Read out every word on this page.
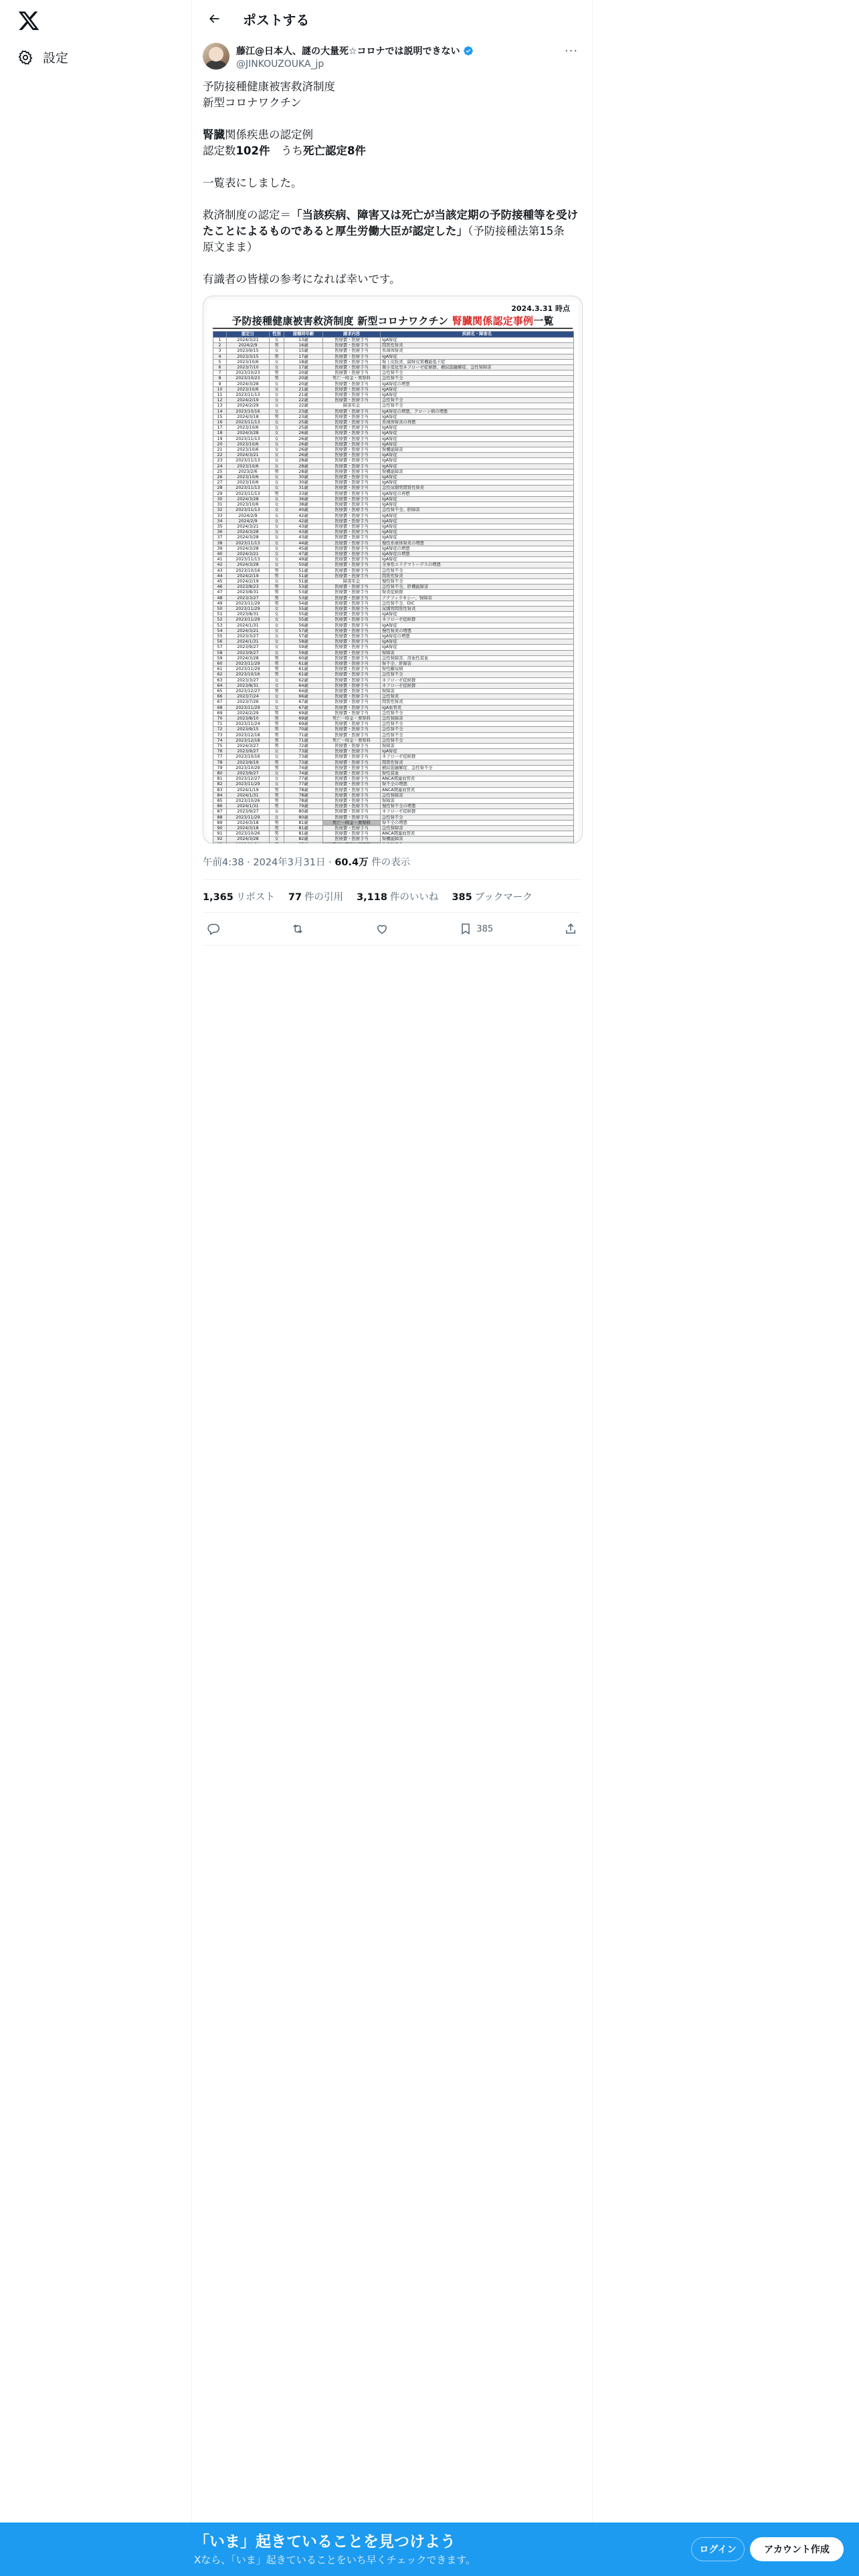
設定
ポストする
藤江@日本人、謎の大量死☆コロナでは説明できない
@JINKOUZOUKA_jp
···

予防接種健康被害救済制度

新型コロナワクチン

腎臓関係疾患の認定例

認定数102件　うち死亡認定8件

一覧表にしました。

救済制度の認定＝「当該疾病、障害又は死亡が当該定期の予防接種等を受けたことによるものであると厚生労働大臣が認定した」（予防接種法第15条　原文まま）

有識者の皆様の参考になれば幸いです。

2024.3.31 時点
予防接種健康被害救済制度 新型コロナワクチン 腎臓関係認定事例一覧
	認定日	性別	接種時年齢	請求内容	疾病名・障害名
1	2024/3/21	女	13歳	医療費・医療手当	IgA腎症
2	2024/2/9	男	16歳	医療費・医療手当	間質性腎炎
3	2023/9/15	女	15歳	医療費・医療手当	糸球体腎炎
4	2023/3/15	男	17歳	医療費・医療手当	IgA腎症
5	2023/10/6	女	18歳	医療費・医療手当	腎上皮肢炎、副腎皮質機能低下症
6	2023/7/10	女	17歳	医療費・医療手当	微小変化型ネフローゼ症候群、横紋筋融解症、急性腎障害
7	2023/10/23	男	20歳	医療費・医療手当	急性腎不全
8	2023/10/23	男	20歳	死亡一時金・葬祭料	急性腎不全
9	2024/3/28	女	20歳	医療費・医療手当	IgA腎症の増悪
10	2023/10/6	女	21歳	医療費・医療手当	IgA腎症
11	2023/11/13	女	21歳	医療費・医療手当	IgA腎症
12	2024/2/19	女	22歳	医療費・医療手当	急性腎不全
13	2024/2/29	女	22歳	障害年金	急性腎不全
14	2023/10/16	女	23歳	医療費・医療手当	IgA腎症の増悪、クローン病の増悪
15	2024/3/18	男	23歳	医療費・医療手当	IgA腎症
16	2023/11/13	女	25歳	医療費・医療手当	糸球体腎炎の再燃
17	2023/10/6	女	25歳	医療費・医療手当	IgA腎症
18	2024/3/28	女	26歳	医療費・医療手当	IgA腎症
19	2023/11/13	女	26歳	医療費・医療手当	IgA腎症
20	2023/10/6	女	26歳	医療費・医療手当	IgA腎症
21	2023/10/6	女	26歳	医療費・医療手当	腎機能障害
22	2024/3/21	女	26歳	医療費・医療手当	IgA腎症
23	2023/11/13	女	28歳	医療費・医療手当	IgA腎症
24	2023/10/6	女	28歳	医療費・医療手当	IgA腎症
25	2023/2/6	男	28歳	医療費・医療手当	腎機能障害
26	2023/10/6	女	30歳	医療費・医療手当	IgA腎症
27	2023/10/6	女	30歳	医療費・医療手当	IgA腎症
28	2023/11/13	女	31歳	医療費・医療手当	急性尿細管間質性腎炎
29	2023/11/13	男	33歳	医療費・医療手当	IgA腎症の再燃
30	2024/3/28	女	36歳	医療費・医療手当	IgA腎症
31	2023/10/6	女	38歳	医療費・医療手当	IgA腎症
32	2023/11/13	女	40歳	医療費・医療手当	急性腎不全、肝障害
33	2024/2/9	女	42歳	医療費・医療手当	IgA腎症
34	2024/2/9	女	42歳	医療費・医療手当	IgA腎症
35	2024/3/21	女	43歳	医療費・医療手当	IgA腎症
36	2024/3/28	女	43歳	医療費・医療手当	IgA腎症
37	2024/3/28	女	43歳	医療費・医療手当	IgA腎症
38	2023/11/13	女	44歳	医療費・医療手当	慢性糸球体腎炎の増悪
39	2024/3/28	女	45歳	医療費・医療手当	IgA腎症の増悪
40	2024/3/21	女	47歳	医療費・医療手当	IgA腎症の増悪
41	2023/11/13	女	49歳	医療費・医療手当	IgA腎症
42	2024/3/28	女	50歳	医療費・医療手当	全身性エリテマトーデスの増悪
43	2023/10/16	男	51歳	医療費・医療手当	急性腎不全
44	2024/2/19	男	51歳	医療費・医療手当	間質性腎炎
45	2024/2/19	女	51歳	障害年金	慢性腎不全
46	2023/8/23	男	53歳	医療費・医療手当	急性腎不全、肝機能障害
47	2023/8/31	男	53歳	医療費・医療手当	腎炎症候群
48	2023/3/27	男	53歳	医療費・医療手当	アナフィラキシー、腎障害
49	2023/11/29	男	54歳	医療費・医療手当	急性腎不全、DIC
50	2023/11/29	女	55歳	医療費・医療手当	尿細管間質性腎炎
51	2023/8/31	女	55歳	医療費・医療手当	IgA腎症
52	2023/11/29	女	55歳	医療費・医療手当	ネフローゼ症候群
53	2024/1/31	女	56歳	医療費・医療手当	IgA腎症
54	2024/3/21	女	57歳	医療費・医療手当	慢性腎炎の増悪
55	2023/3/27	女	57歳	医療費・医療手当	IgA腎症の増悪
56	2024/1/31	女	58歳	医療費・医療手当	IgA腎症
57	2023/9/27	女	59歳	医療費・医療手当	IgA腎症
58	2023/9/27	女	59歳	医療費・医療手当	腎障害
59	2024/3/28	男	60歳	医療費・医療手当	急性腎障害、溶血性貧血
60	2023/11/29	男	61歳	医療費・医療手当	腎不全、肝障害
61	2023/11/29	男	61歳	医療費・医療手当	腎性糖尿病
62	2023/10/16	男	61歳	医療費・医療手当	急性腎不全
63	2023/3/27	女	62歳	医療費・医療手当	ネフローゼ症候群
64	2023/8/31	女	64歳	医療費・医療手当	ネフローゼ症候群
65	2023/12/27	男	64歳	医療費・医療手当	腎障害
66	2023/7/24	女	66歳	医療費・医療手当	急性腎炎
67	2023/7/26	女	67歳	医療費・医療手当	間質性腎炎
68	2023/11/29	女	67歳	医療費・医療手当	IgA血管炎
69	2024/2/29	男	69歳	医療費・医療手当	急性腎不全
70	2023/8/10	男	69歳	死亡一時金・葬祭料	急性腎障害
71	2023/11/24	男	69歳	医療費・医療手当	急性腎不全
72	2023/9/15	男	70歳	医療費・医療手当	急性腎不全
73	2023/12/18	男	71歳	医療費・医療手当	急性腎不全
74	2023/12/18	男	71歳	死亡一時金・葬祭料	急性腎不全
75	2024/3/27	男	72歳	医療費・医療手当	腎障害
76	2023/9/27	女	73歳	医療費・医療手当	IgA腎症
77	2023/10/16	女	73歳	医療費・医療手当	ネフローゼ症候群
78	2023/9/19	男	73歳	医療費・医療手当	間質性腎炎
79	2023/10/29	男	74歳	医療費・医療手当	横紋筋融解症、急性腎不全
80	2023/9/27	女	74歳	医療費・医療手当	腎性貧血
81	2023/12/27	女	77歳	医療費・医療手当	ANCA関連血管炎
82	2023/11/29	女	77歳	医療費・医療手当	腎不全の増悪
83	2024/1/19	男	78歳	医療費・医療手当	ANCA関連血管炎
84	2024/1/31	男	78歳	医療費・医療手当	急性腎障害
85	2023/10/26	男	78歳	医療費・医療手当	腎障害
86	2024/1/31	男	79歳	医療費・医療手当	慢性腎不全の増悪
87	2023/9/27	女	80歳	医療費・医療手当	ネフローゼ症候群
88	2023/11/29	女	80歳	医療費・医療手当	急性腎不全
89	2024/3/18	男	81歳	死亡一時金・葬祭料	腎不全の増悪
90	2024/3/18	男	81歳	医療費・医療手当	急性腎障害
91	2023/10/26	男	81歳	医療費・医療手当	ANCA関連血管炎
92	2024/3/28	女	82歳	医療費・医療手当	腎機能障害

午前4:38 · 2024年3月31日 · 60.4万 件の表示
1,365 リポスト 77 件の引用 3,118 件のいいね 385 ブックマーク
385
「いま」起きていることを見つけよう
Xなら、「いま」起きていることをいち早くチェックできます。
ログイン	アカウント作成
